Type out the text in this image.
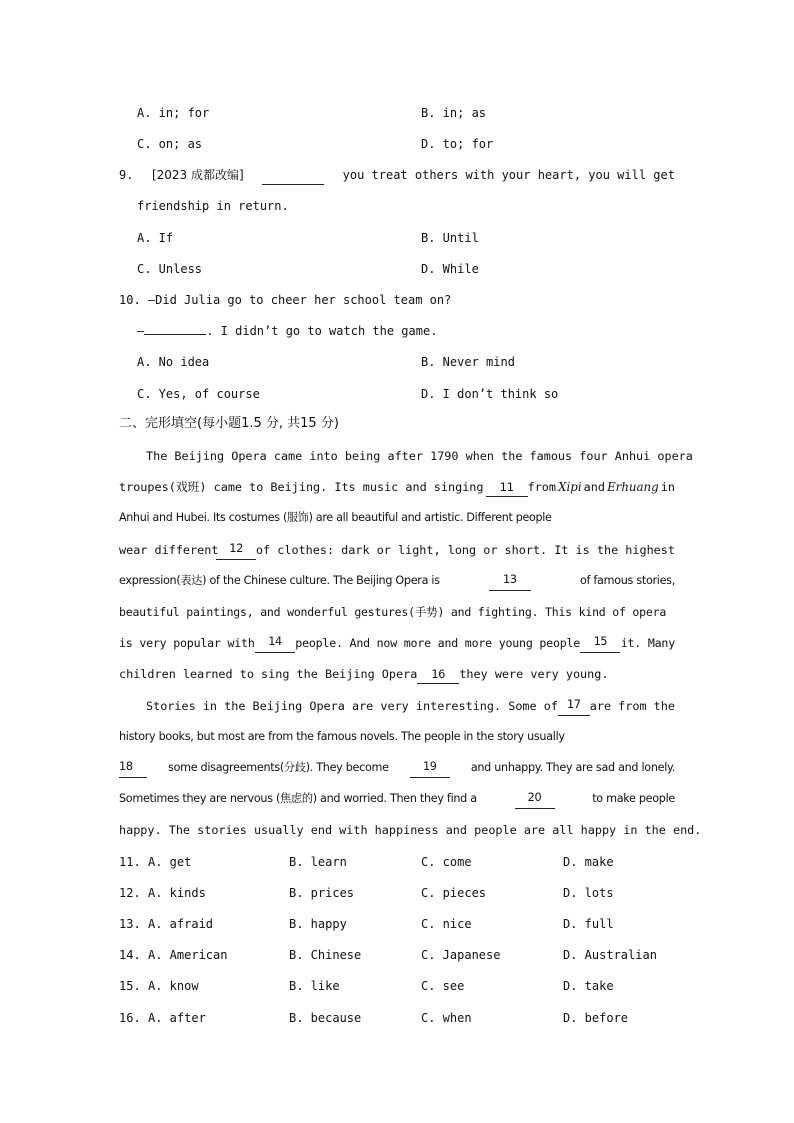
A. in; for	B. in; as
C. on; as	D. to; for
9. [2023 成都改编]	you treat others with your heart, you will get
friendship in return.
A. If	B. Until
C. Unless	D. While
10. —Did Julia go to cheer her school team on?
—	. I didn’t go to watch the game.
A. No idea	B. Never mind
C. Yes, of course	D. I don’t think so
二、完形填空(每小题1.5 分, 共15 分)
The Beijing Opera came into being after 1790 when the famous four Anhui opera
troupes(戏班) came to Beijing. Its music and singing	11 from Xipi and Erhuang in
Anhui and Hubei. Its costumes (服饰) are all beautiful and artistic. Different people
wear different 12	of clothes: dark or light, long or short. It is the highest
expression(表达) of the Chinese culture. The Beijing Opera is	13	of famous stories,
beautiful paintings, and wonderful gestures(手势) and fighting. This kind of opera
is very popular with	14	people. And now more and more young people	15	it. Many
children learned to sing the Beijing Opera 16 they were very young.
Stories in the Beijing Opera are very interesting. Some of 17 are from the
history books, but most are from the famous novels. The people in the story usually
18	some disagreements(分歧). They become	19	and unhappy. They are sad and lonely.
Sometimes they are nervous (焦虑的) and worried. Then they find a	20	to make people
happy. The stories usually end with happiness and people are all happy in the end.
11. A. get	B. learn	C. come	D. make
12. A. kinds	B. prices	C. pieces	D. lots
13. A. afraid	B. happy	C. nice	D. full
14. A. American	B. Chinese	C. Japanese	D. Australian
15. A. know	B. like	C. see	D. take
16. A. after	B. because	C. when	D. before
